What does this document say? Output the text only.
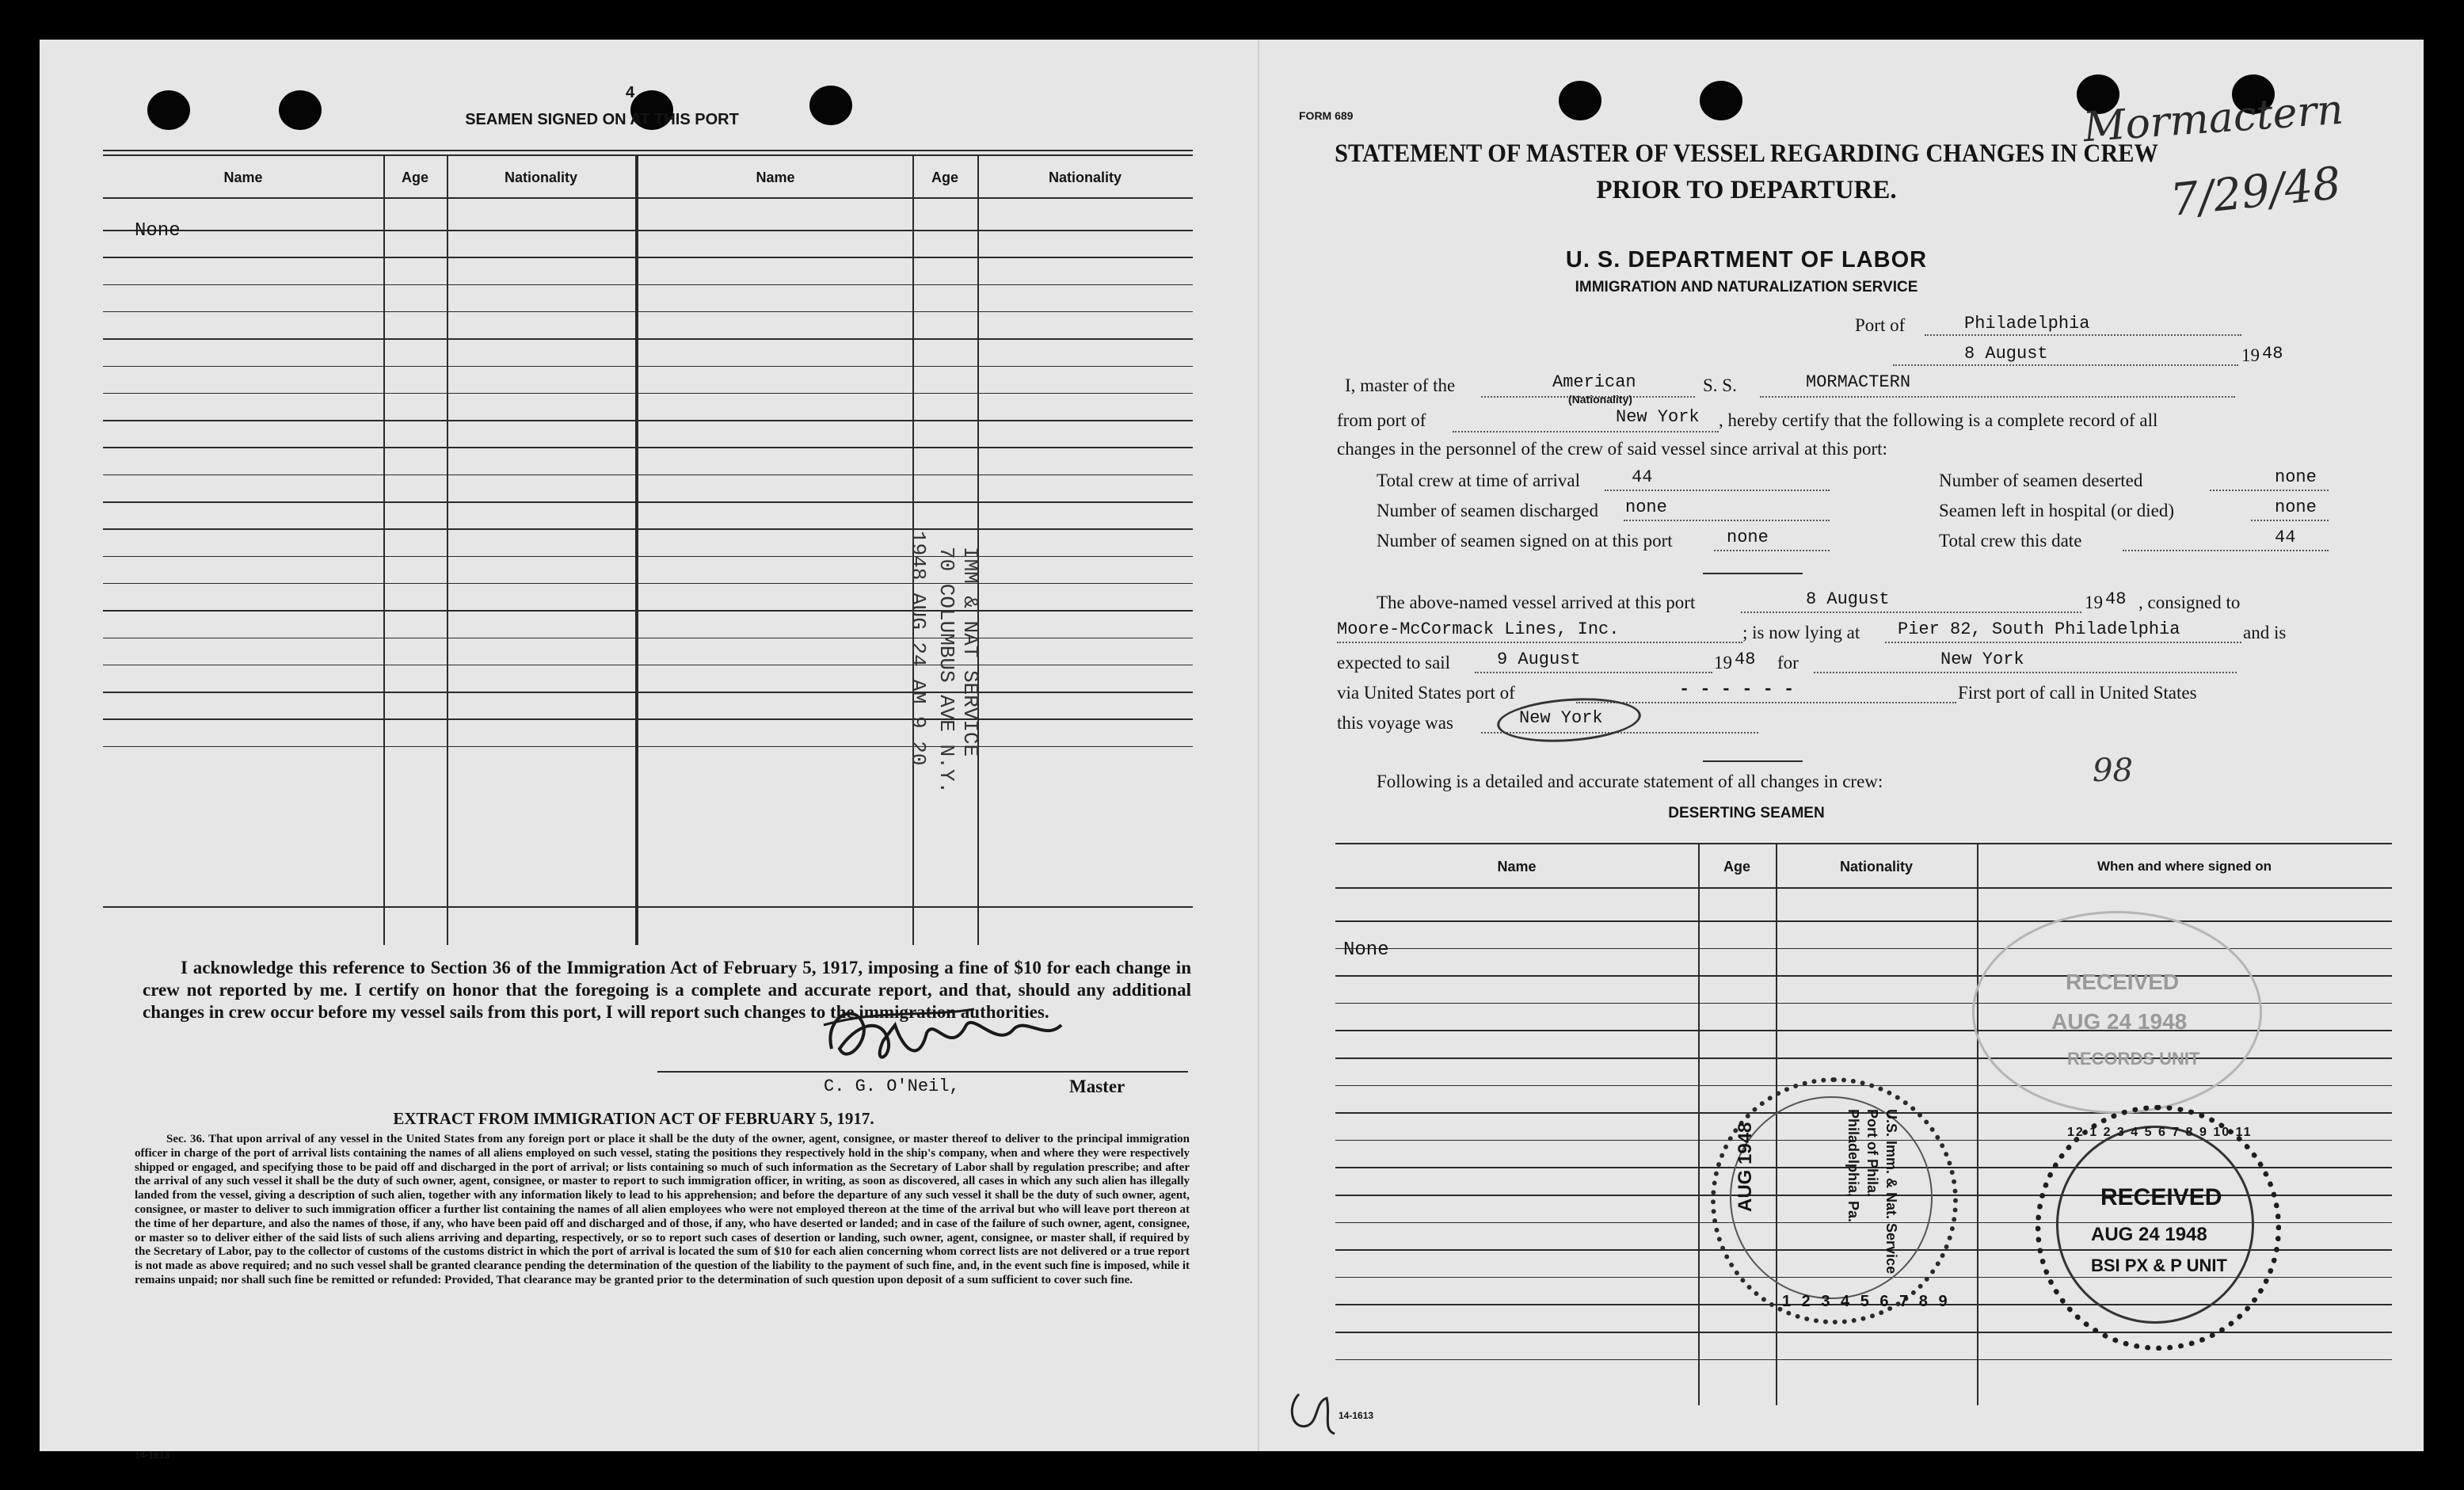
4
SEAMEN SIGNED ON AT THIS PORT
Name	Age	Nationality	Name	Age	Nationality
None
IMM & NAT SERVICE
70 COLUMBUS AVE N.Y.
1948 AUG 24 AM 9 20
I acknowledge this reference to Section 36 of the Immigration Act of February 5, 1917, imposing a fine of $10 for each change in crew not reported by me. I certify on honor that the foregoing is a complete and accurate report, and that, should any additional changes in crew occur before my vessel sails from this port, I will report such changes to the immigration authorities.
C. G. O'Neil,	Master
EXTRACT FROM IMMIGRATION ACT OF FEBRUARY 5, 1917.
Sec. 36. That upon arrival of any vessel in the United States from any foreign port or place it shall be the duty of the owner, agent, consignee, or master thereof to deliver to the principal immigration officer in charge of the port of arrival lists containing the names of all aliens employed on such vessel, stating the positions they respectively hold in the ship's company, when and where they were respectively shipped or engaged, and specifying those to be paid off and discharged in the port of arrival; or lists containing so much of such information as the Secretary of Labor shall by regulation prescribe; and after the arrival of any such vessel it shall be the duty of such owner, agent, consignee, or master to report to such immigration officer, in writing, as soon as discovered, all cases in which any such alien has illegally landed from the vessel, giving a description of such alien, together with any information likely to lead to his apprehension; and before the departure of any such vessel it shall be the duty of such owner, agent, consignee, or master to deliver to such immigration officer a further list containing the names of all alien employees who were not employed thereon at the time of the arrival but who will leave port thereon at the time of her departure, and also the names of those, if any, who have been paid off and discharged and of those, if any, who have deserted or landed; and in case of the failure of such owner, agent, consignee, or master so to deliver either of the said lists of such aliens arriving and departing, respectively, or so to report such cases of desertion or landing, such owner, agent, consignee, or master shall, if required by the Secretary of Labor, pay to the collector of customs of the customs district in which the port of arrival is located the sum of $10 for each alien concerning whom correct lists are not delivered or a true report is not made as above required; and no such vessel shall be granted clearance pending the determination of the question of the liability to the payment of such fine, and, in the event such fine is imposed, while it remains unpaid; nor shall such fine be remitted or refunded: Provided, That clearance may be granted prior to the determination of such question upon deposit of a sum sufficient to cover such fine.
14-1613
FORM 689	Mormactern
7/29/48
STATEMENT OF MASTER OF VESSEL REGARDING CHANGES IN CREW
PRIOR TO DEPARTURE.
U. S. DEPARTMENT OF LABOR
IMMIGRATION AND NATURALIZATION SERVICE
Port of	Philadelphia
8 August	19 48
I, master of the	American
(Nationality)
S. S.	MORMACTERN
from port of	New York , hereby certify that the following is a complete record of all
changes in the personnel of the crew of said vessel since arrival at this port:
Total crew at time of arrival	44	Number of seamen deserted	none
Number of seamen discharged none	Seamen left in hospital (or died)	none
Number of seamen signed on at this port	none	Total crew this date	44
The above-named vessel arrived at this port	8 August	19 48 , consigned to
Moore-McCormack Lines, Inc.	; is now lying at Pier 82, South Philadelphia	and is
expected to sail	9 August	19 48 for	New York
via United States port of	- - - - - -	First port of call in United States
this voyage was	New York
Following is a detailed and accurate statement of all changes in crew:	98
DESERTING SEAMEN
Name	Age	Nationality	When and where signed on
None
RECEIVED
AUG 24 1948
RECORDS UNIT
AUG 1948	U.S. Imm. & Nat. Service
Port of Phila.
Philadelphia, Pa.
1 2 3 4 5 6 7 8 9
RECEIVED
AUG 24 1948
BSI PX & P UNIT
12 1 2 3 4 5 6 7 8 9 10 11
14-1613
